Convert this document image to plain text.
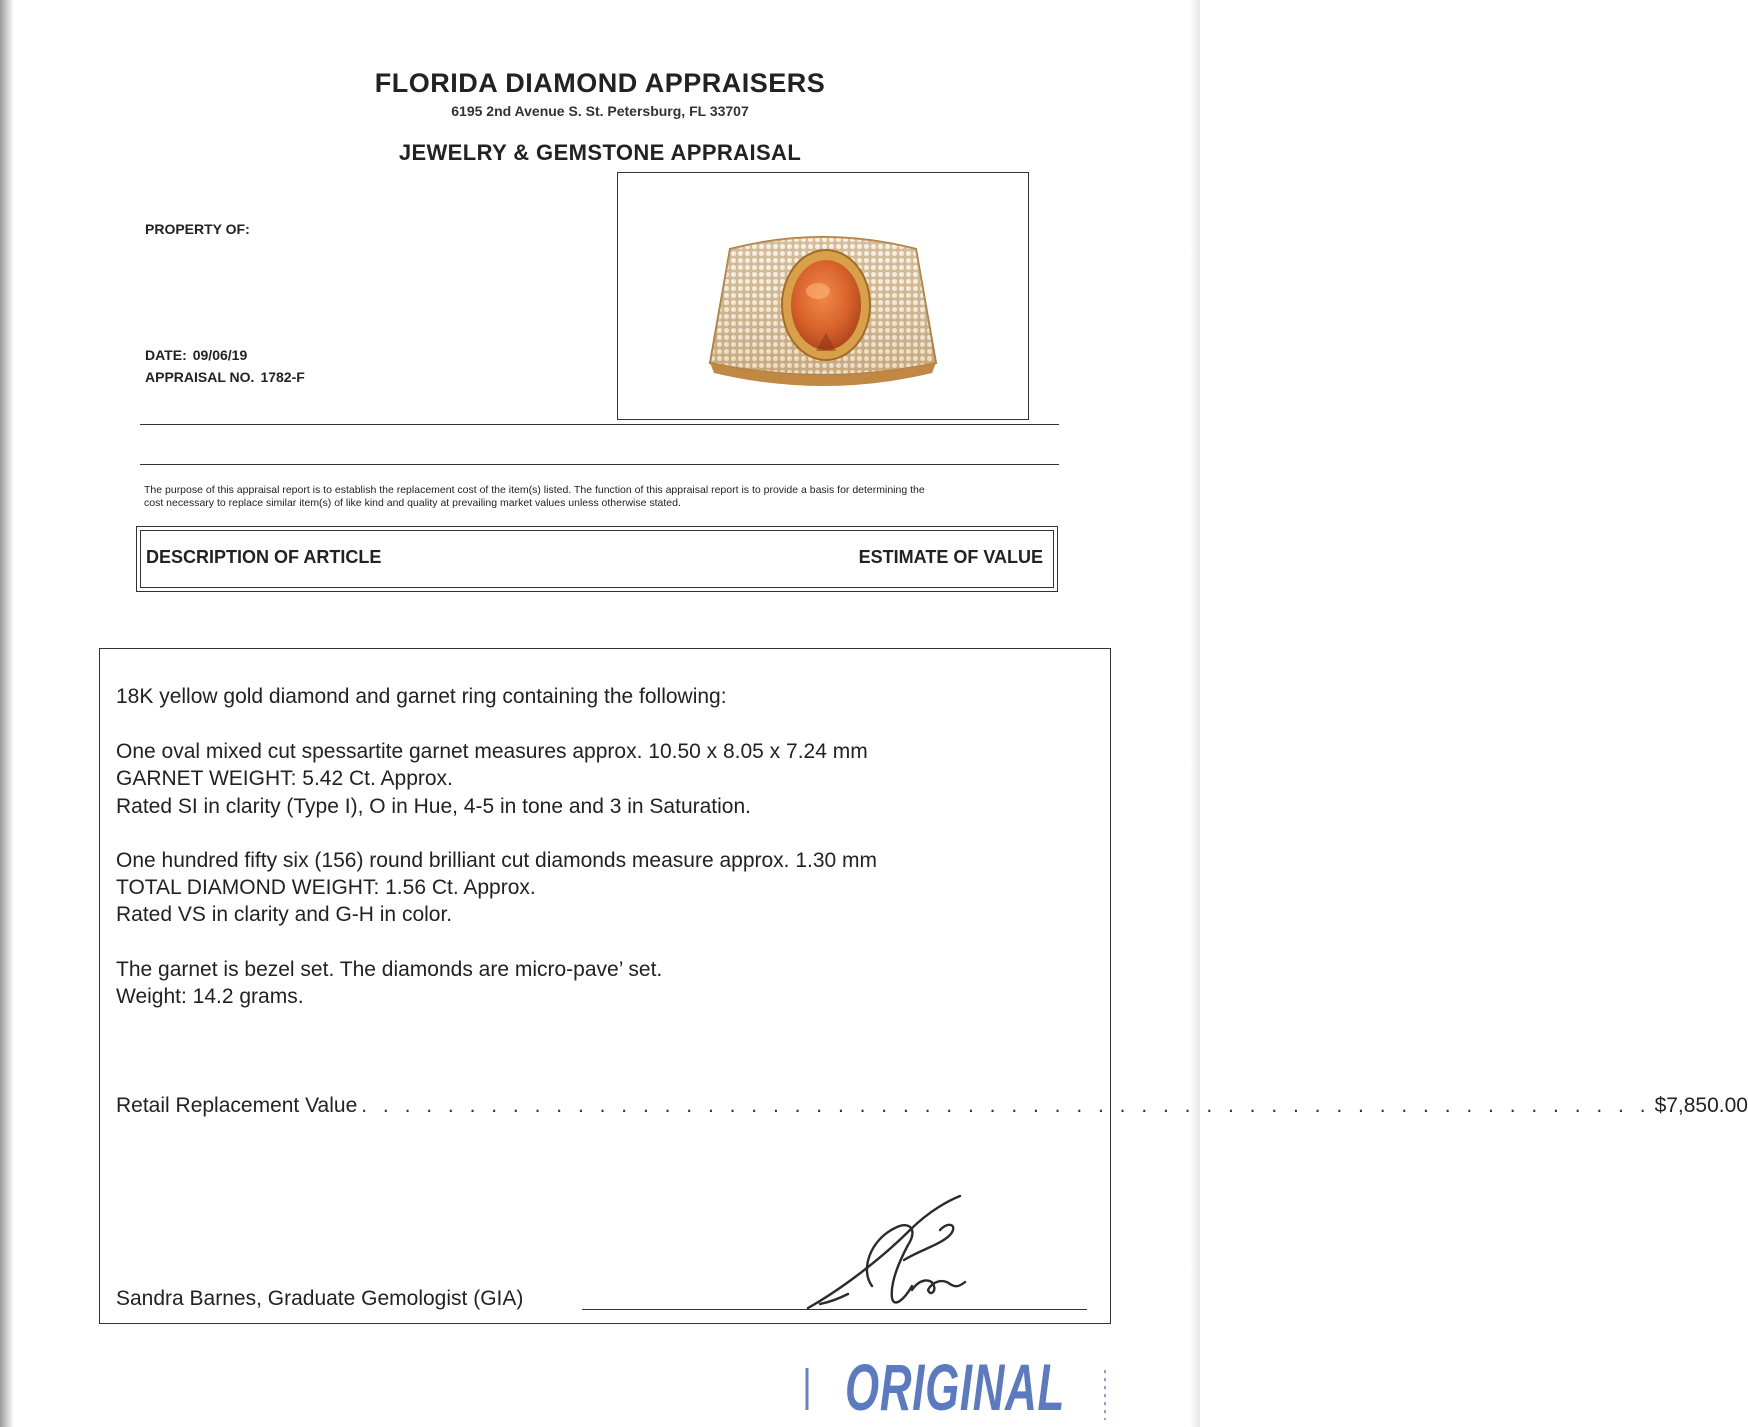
FLORIDA DIAMOND APPRAISERS
6195 2nd Avenue S. St. Petersburg, FL 33707
JEWELRY & GEMSTONE APPRAISAL
PROPERTY OF:
DATE: 09/06/19
APPRAISAL NO. 1782-F
The purpose of this appraisal report is to establish the replacement cost of the item(s) listed. The function of this appraisal report is to provide a basis for determining the
cost necessary to replace similar item(s) of like kind and quality at prevailing market values unless otherwise stated.
DESCRIPTION OF ARTICLE	ESTIMATE OF VALUE
18K yellow gold diamond and garnet ring containing the following:
One oval mixed cut spessartite garnet measures approx. 10.50 x 8.05 x 7.24 mm
GARNET WEIGHT: 5.42 Ct. Approx.
Rated SI in clarity (Type I), O in Hue, 4-5 in tone and 3 in Saturation.
One hundred fifty six (156) round brilliant cut diamonds measure approx. 1.30 mm
TOTAL DIAMOND WEIGHT: 1.56 Ct. Approx.
Rated VS in clarity and G-H in color.
The garnet is bezel set. The diamonds are micro-pave’ set.
Weight: 14.2 grams.
Retail Replacement Value . . . . . . . . . . . . . . . . . . . . . . . . . . . . . . . . . . . . . . . . . . . . . . . . . . . . . . . . . . . . $7,850.00
Sandra Barnes, Graduate Gemologist (GIA)
ORIGINAL
